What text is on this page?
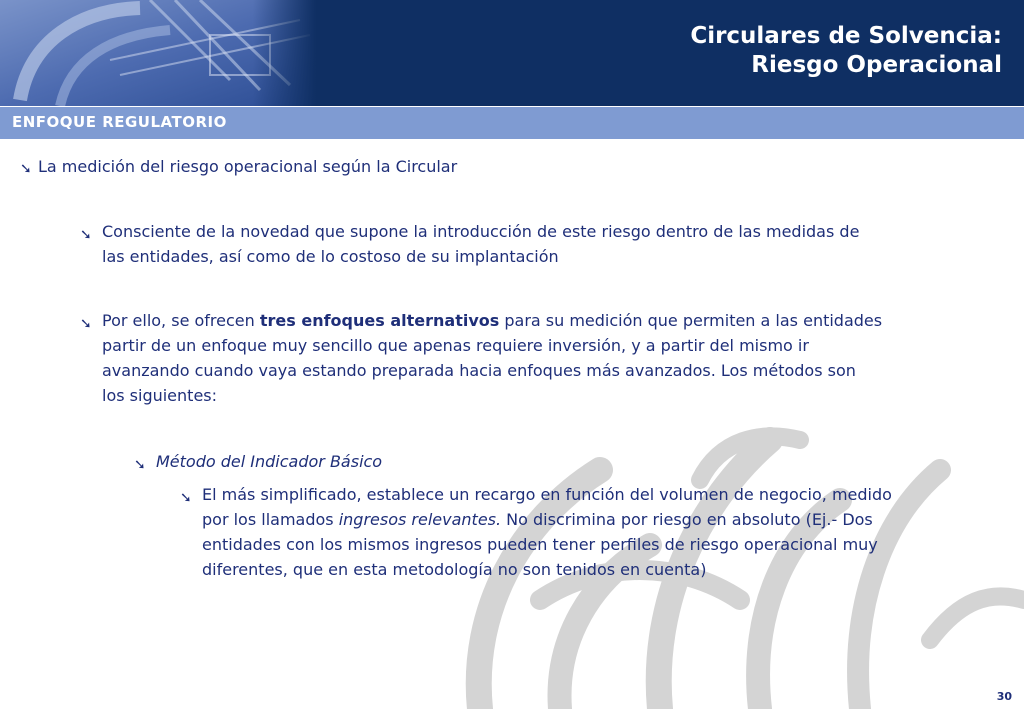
Circulares de Solvencia:
Riesgo Operacional
ENFOQUE REGULATORIO
➘ La medición del riesgo operacional según la Circular
➘ Consciente de la novedad que supone la introducción de este riesgo dentro de las medidas de
las entidades, así como de lo costoso de su implantación
➘ Por ello, se ofrecen tres enfoques alternativos para su medición que permiten a las entidades
partir de un enfoque muy sencillo que apenas requiere inversión, y a partir del mismo ir
avanzando cuando vaya estando preparada hacia enfoques más avanzados. Los métodos son
los siguientes:
➘ Método del Indicador Básico
➘ El más simplificado, establece un recargo en función del volumen de negocio, medido
por los llamados ingresos relevantes. No discrimina por riesgo en absoluto (Ej.- Dos
entidades con los mismos ingresos pueden tener perfiles de riesgo operacional muy
diferentes, que en esta metodología no son tenidos en cuenta)
30
